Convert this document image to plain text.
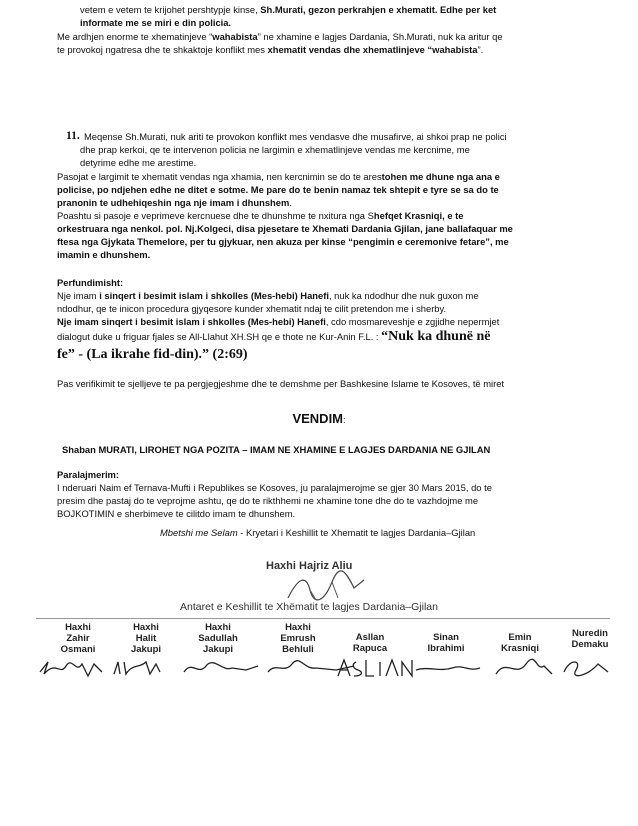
vetem e vetem te krijohet pershtypje kinse, Sh.Murati, gezon perkrahjen e xhematit. Edhe per ket
informate me se miri e din policia.
Me ardhjen enorme te xhematinjeve “wahabista” ne xhamine e lagjes Dardania, Sh.Murati, nuk ka aritur qe
te provokoj ngatresa dhe te shkaktoje konflikt mes xhematit vendas dhe xhematlinjeve “wahabista”.
11. Meqense Sh.Murati, nuk ariti te provokon konflikt mes vendasve dhe musafirve, ai shkoi prap ne polici
dhe prap kerkoi, qe te intervenon policia ne largimin e xhematlinjeve vendas me kercnime, me
detyrime edhe me arestime.
Pasojat e largimit te xhematit vendas nga xhamia, nen kercnimin se do te arestohen me dhune nga ana e
policise, po ndjehen edhe ne ditet e sotme. Me pare do te benin namaz tek shtepit e tyre se sa do te
pranonin te udhehiqeshin nga nje imam i dhunshem.
Poashtu si pasoje e veprimeve kercnuese dhe te dhunshme te nxitura nga Shefqet Krasniqi, e te
orkestruara nga nenkol. pol. Nj.Kolgeci, disa pjesetare te Xhemati Dardania Gjilan, jane ballafaquar me
ftesa nga Gjykata Themelore, per tu gjykuar, nen akuza per kinse “pengimin e ceremonive fetare”, me
imamin e dhunshem.
Perfundimisht:
Nje imam i sinqert i besimit islam i shkolles (Mes-hebi) Hanefi, nuk ka ndodhur dhe nuk guxon me
ndodhur, qe te inicon procedura gjyqesore kunder xhematit ndaj te cilit pretendon me i sherby.
Nje imam sinqert i besimit islam i shkolles (Mes-hebi) Hanefi, cdo mosmareveshje e zgjidhe nepermjet
dialogut duke u friguar fjales se All-Llahut XH.SH qe e thote ne Kur-Anin F.L. : “Nuk ka dhunë në
fe” - (La ikrahe fid-din).” (2:69)
Pas verifikimit te sjelljeve te pa pergjegjeshme dhe te demshme per Bashkesine Islame te Kosoves, të miret
VENDIM:
Shaban MURATI, LIROHET NGA POZITA – IMAM NE XHAMINE E LAGJES DARDANIA NE GJILAN
Paralajmerim:
I nderuari Naim ef Ternava-Mufti i Republikes se Kosoves, ju paralajmerojme se gjer 30 Mars 2015, do te
presim dhe pastaj do te veprojme ashtu, qe do te rikthhemi ne xhamine tone dhe do te vazhdojme me
BOJKOTIMIN e sherbimeve te cilitdo imam te dhunshem.
Mbetshi me Selam - Kryetari i Keshillit te Xhematit te lagjes Dardania–Gjilan
Haxhi Hajriz Aliu
Antaret e Keshillit te Xhëmatit te lagjes Dardania–Gjilan
Haxhi
Zahir
Osmani
Haxhi
Halit
Jakupi
Haxhi
Sadullah
Jakupi
Haxhi
Emrush
Behluli
Asllan
Rapuca
Sinan
Ibrahimi
Emin
Krasniqi
Nuredin
Demaku
